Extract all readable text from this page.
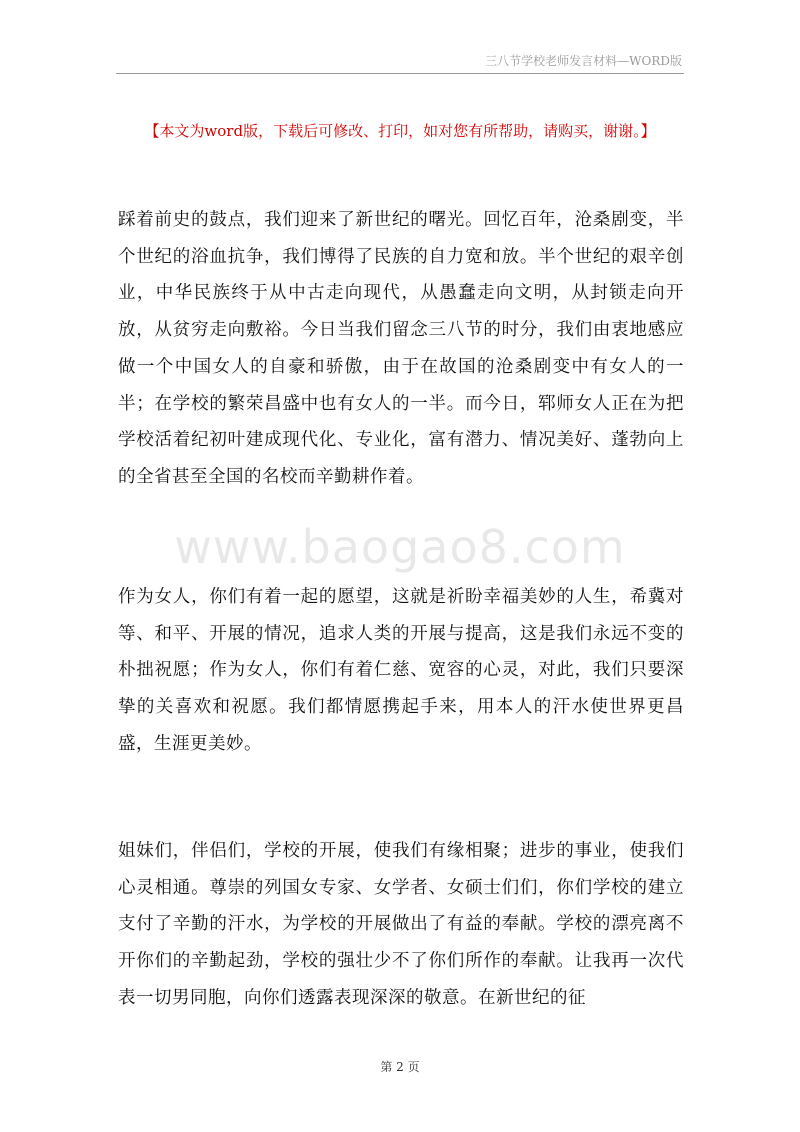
三八节学校老师发言材料—WORD版
【本文为word版，下载后可修改、打印，如对您有所帮助，请购买，谢谢。】

踩着前史的鼓点，我们迎来了新世纪的曙光。回忆百年，沧桑剧变，半个世纪的浴血抗争，我们博得了民族的自力宽和放。半个世纪的艰辛创业，中华民族终于从中古走向现代，从愚蠢走向文明，从封锁走向开放，从贫穷走向敷裕。今日当我们留念三八节的时分，我们由衷地感应做一个中国女人的自豪和骄傲，由于在故国的沧桑剧变中有女人的一半；在学校的繁荣昌盛中也有女人的一半。而今日，郓师女人正在为把学校活着纪初叶建成现代化、专业化，富有潜力、情况美好、蓬勃向上的全省甚至全国的名校而辛勤耕作着。

www.baogao8.com

作为女人，你们有着一起的愿望，这就是祈盼幸福美妙的人生，希冀对等、和平、开展的情况，追求人类的开展与提高，这是我们永远不变的朴拙祝愿；作为女人，你们有着仁慈、宽容的心灵，对此，我们只要深挚的关喜欢和祝愿。我们都情愿携起手来，用本人的汗水使世界更昌盛，生涯更美妙。

姐妹们，伴侣们，学校的开展，使我们有缘相聚；进步的事业，使我们心灵相通。尊崇的列国女专家、女学者、女硕士们们，你们学校的建立支付了辛勤的汗水，为学校的开展做出了有益的奉献。学校的漂亮离不开你们的辛勤起劲，学校的强壮少不了你们所作的奉献。让我再一次代表一切男同胞，向你们透露表现深深的敬意。在新世纪的征

第 2 页
